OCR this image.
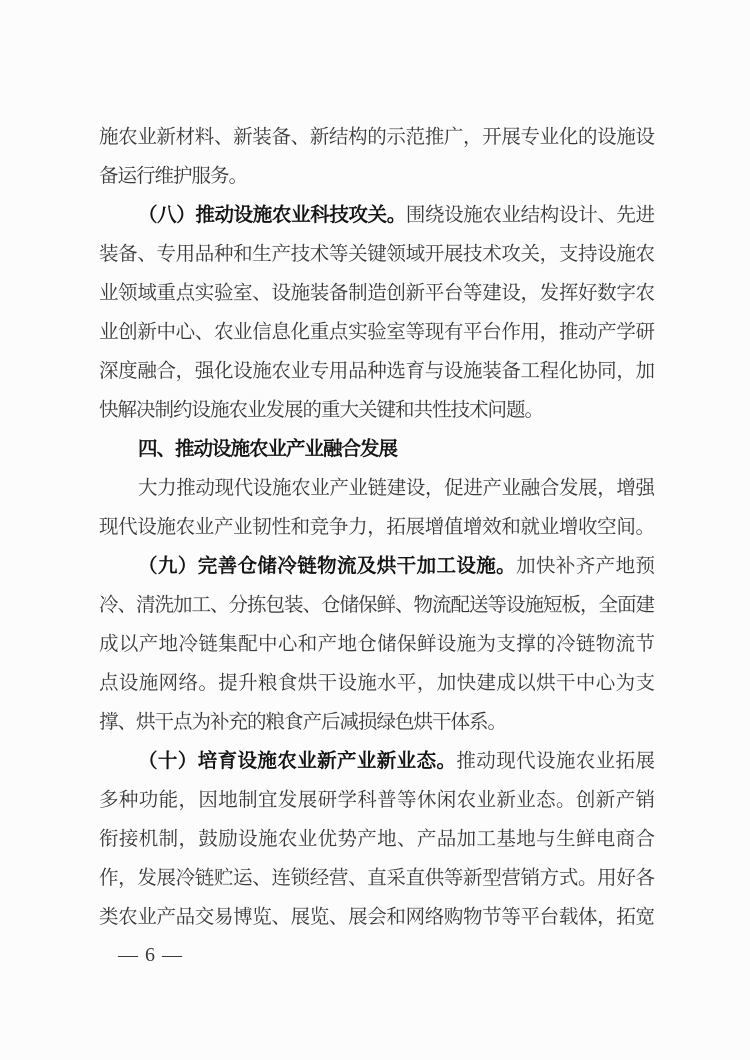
施农业新材料、新装备、新结构的示范推广，开展专业化的设施设
备运行维护服务。
（八）推动设施农业科技攻关。围绕设施农业结构设计、先进
装备、专用品种和生产技术等关键领域开展技术攻关，支持设施农
业领域重点实验室、设施装备制造创新平台等建设，发挥好数字农
业创新中心、农业信息化重点实验室等现有平台作用，推动产学研
深度融合，强化设施农业专用品种选育与设施装备工程化协同，加
快解决制约设施农业发展的重大关键和共性技术问题。
四、推动设施农业产业融合发展
大力推动现代设施农业产业链建设，促进产业融合发展，增强
现代设施农业产业韧性和竞争力，拓展增值增效和就业增收空间。
（九）完善仓储冷链物流及烘干加工设施。加快补齐产地预
冷、清洗加工、分拣包装、仓储保鲜、物流配送等设施短板，全面建
成以产地冷链集配中心和产地仓储保鲜设施为支撑的冷链物流节
点设施网络。提升粮食烘干设施水平，加快建成以烘干中心为支
撑、烘干点为补充的粮食产后减损绿色烘干体系。
（十）培育设施农业新产业新业态。推动现代设施农业拓展
多种功能，因地制宜发展研学科普等休闲农业新业态。创新产销
衔接机制，鼓励设施农业优势产地、产品加工基地与生鲜电商合
作，发展冷链贮运、连锁经营、直采直供等新型营销方式。用好各
类农业产品交易博览、展览、展会和网络购物节等平台载体，拓宽
— 6 —
